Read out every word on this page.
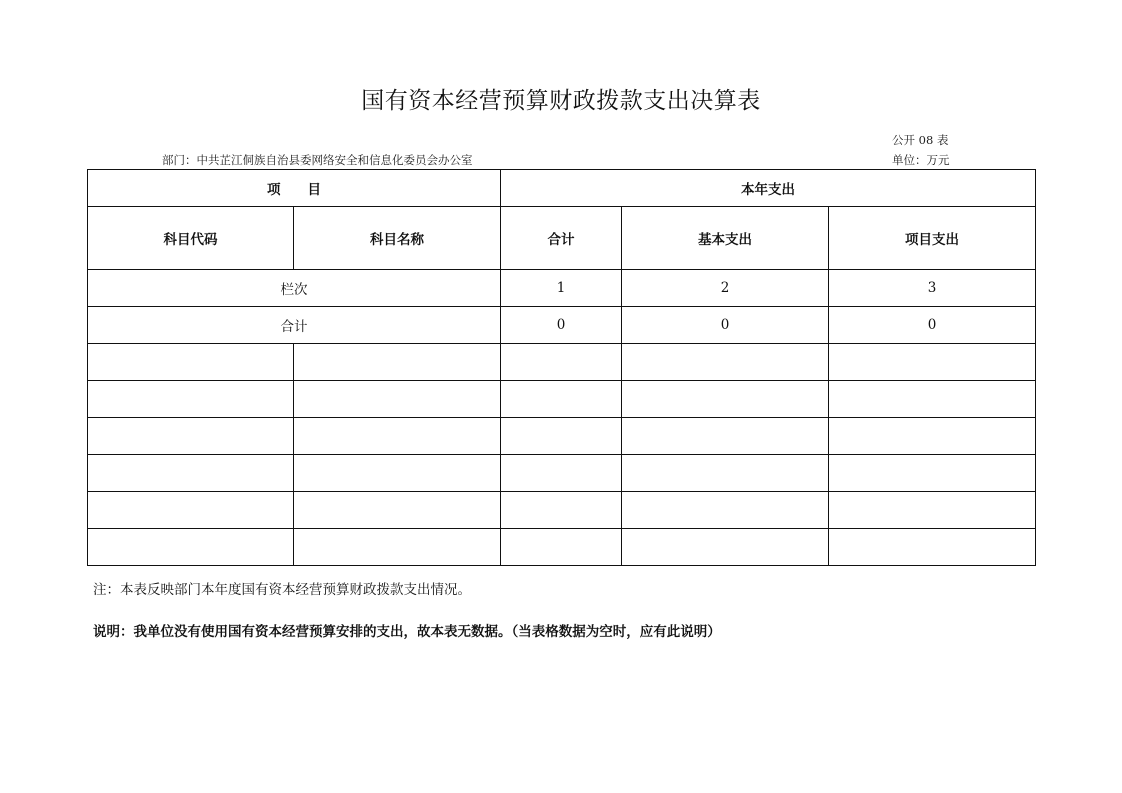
国有资本经营预算财政拨款支出决算表
公开 08 表
部门：中共芷江侗族自治县委网络安全和信息化委员会办公室	单位：万元
项　　目		本年支出		
科目代码	科目名称	合计	基本支出	项目支出
栏次		1	2	3
合计		0	0	0

注：本表反映部门本年度国有资本经营预算财政拨款支出情况。
说明：我单位没有使用国有资本经营预算安排的支出，故本表无数据。（当表格数据为空时，应有此说明）
